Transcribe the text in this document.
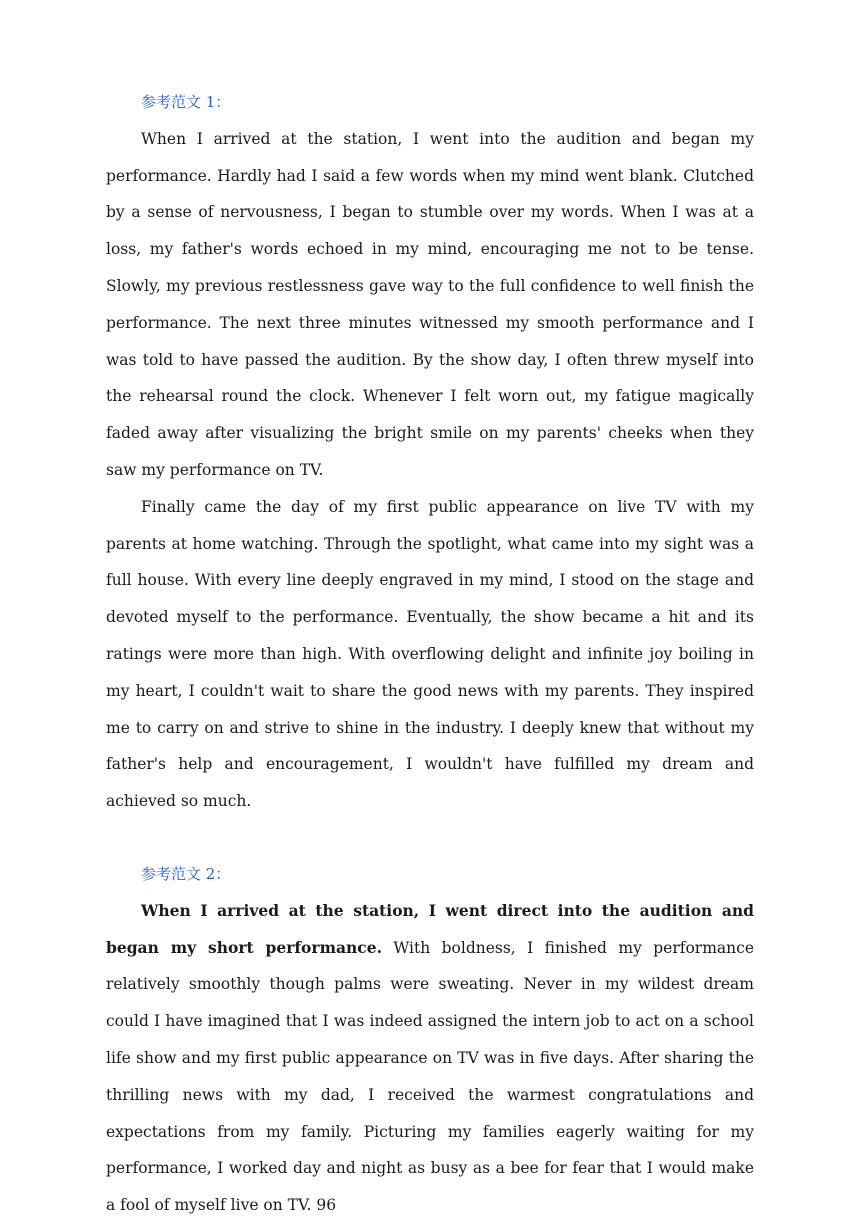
参考范文 1：

When I arrived at the station, I went into the audition and began my performance. Hardly had I said a few words when my mind went blank. Clutched by a sense of nervousness, I began to stumble over my words. When I was at a loss, my father's words echoed in my mind, encouraging me not to be tense. Slowly, my previous restlessness gave way to the full confidence to well finish the performance. The next three minutes witnessed my smooth performance and I was told to have passed the audition. By the show day, I often threw myself into the rehearsal round the clock. Whenever I felt worn out, my fatigue magically faded away after visualizing the bright smile on my parents' cheeks when they saw my performance on TV.

Finally came the day of my first public appearance on live TV with my parents at home watching. Through the spotlight, what came into my sight was a full house. With every line deeply engraved in my mind, I stood on the stage and devoted myself to the performance. Eventually, the show became a hit and its ratings were more than high. With overflowing delight and infinite joy boiling in my heart, I couldn't wait to share the good news with my parents. They inspired me to carry on and strive to shine in the industry. I deeply knew that without my father's help and encouragement, I wouldn't have fulfilled my dream and achieved so much.

参考范文 2：

When I arrived at the station, I went direct into the audition and began my short performance. With boldness, I finished my performance relatively smoothly though palms were sweating. Never in my wildest dream could I have imagined that I was indeed assigned the intern job to act on a school life show and my first public appearance on TV was in five days. After sharing the thrilling news with my dad, I received the warmest congratulations and expectations from my family. Picturing my families eagerly waiting for my performance, I worked day and night as busy as a bee for fear that I would make a fool of myself live on TV. 96
